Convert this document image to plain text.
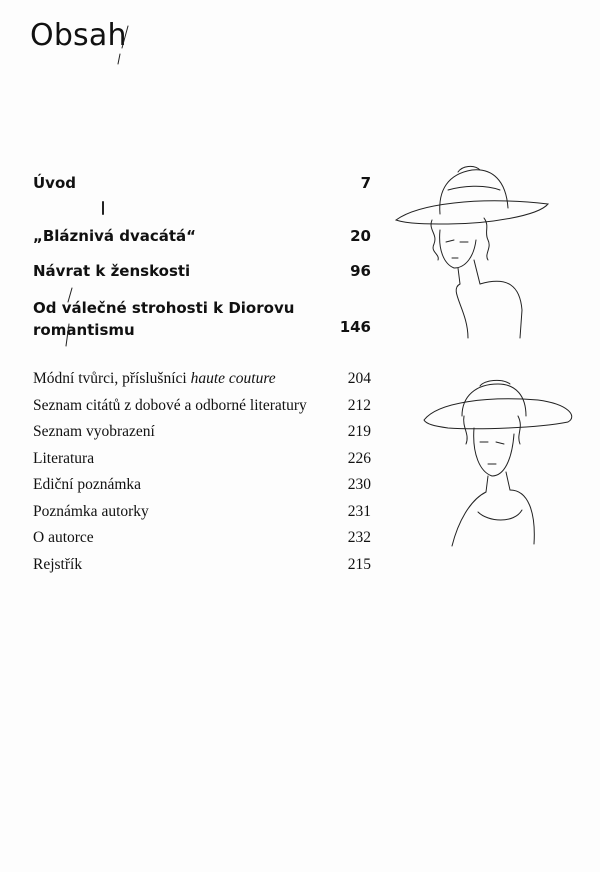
Obsah
Úvod	7
„Bláznivá dvacátá“	20
Návrat k ženskosti	96
Od válečné strohosti k Diorovu
romantismu	146
Módní tvůrci, příslušníci haute couture	204
Seznam citátů z dobové a odborné literatury	212
Seznam vyobrazení	219
Literatura	226
Ediční poznámka	230
Poznámka autorky	231
O autorce	232
Rejstřík	215
